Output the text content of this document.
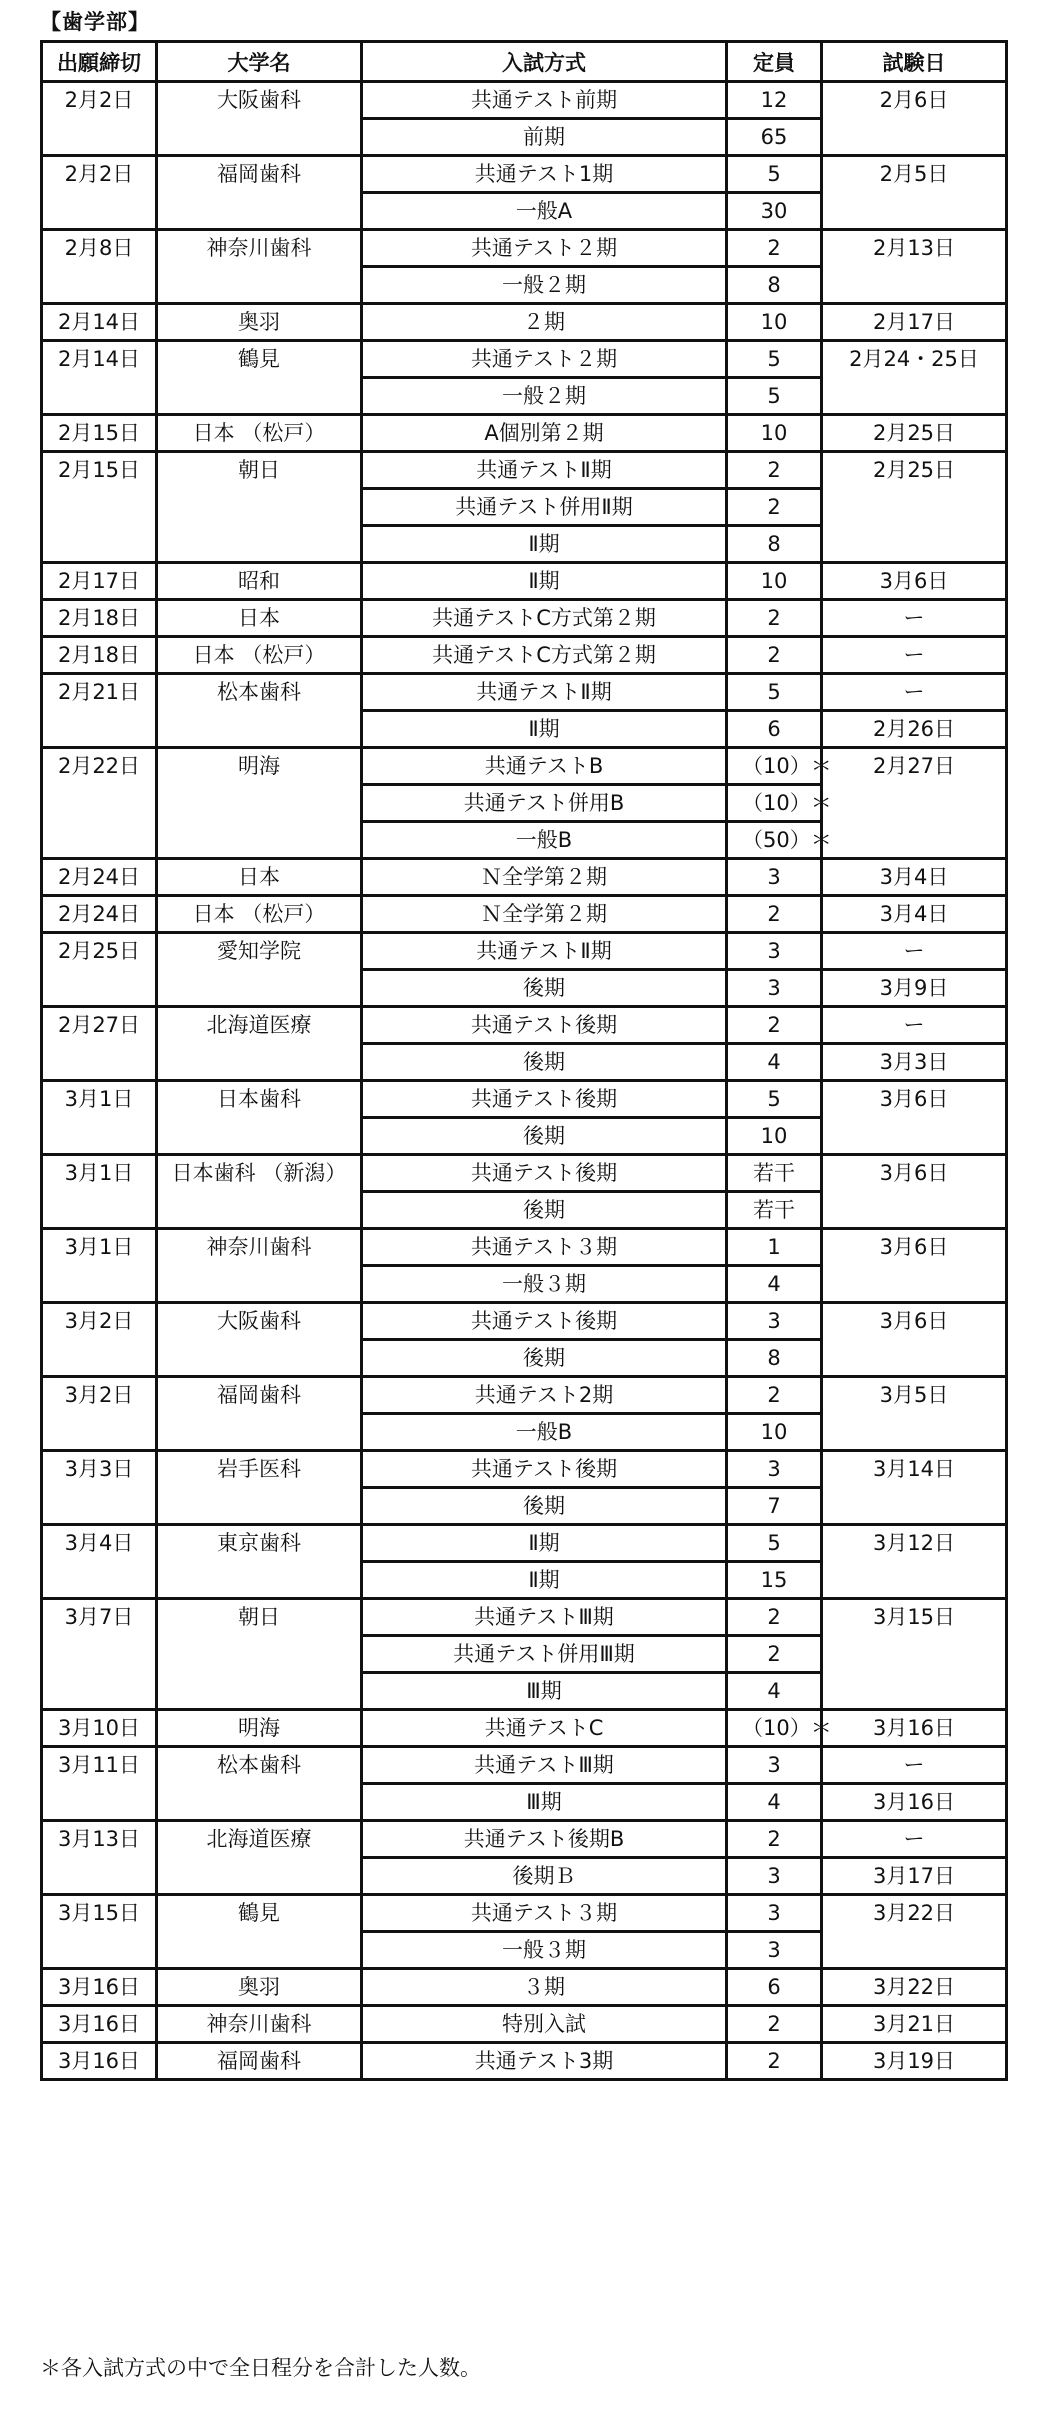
【歯学部】
出願締切	大学名	入試方式	定員	試験日
2月2日	大阪歯科	共通テスト前期	12	2月6日
		前期	65	
2月2日	福岡歯科	共通テスト1期	5	2月5日
		一般A	30	
2月8日	神奈川歯科	共通テスト２期	2	2月13日
		一般２期	8	
2月14日	奥羽	２期	10	2月17日
2月14日	鶴見	共通テスト２期	5	2月24・25日
		一般２期	5	
2月15日	日本 （松戸）	A個別第２期	10	2月25日
2月15日	朝日	共通テストⅡ期	2	2月25日
		共通テスト併用Ⅱ期	2	
		Ⅱ期	8	
2月17日	昭和	Ⅱ期	10	3月6日
2月18日	日本	共通テストC方式第２期	2	ー
2月18日	日本 （松戸）	共通テストC方式第２期	2	ー
2月21日	松本歯科	共通テストⅡ期	5	ー
		Ⅱ期	6	2月26日
2月22日	明海	共通テストB	（10）＊	2月27日
		共通テスト併用B	（10）＊	
		一般B	（50）＊	
2月24日	日本	Ｎ全学第２期	3	3月4日
2月24日	日本 （松戸）	Ｎ全学第２期	2	3月4日
2月25日	愛知学院	共通テストⅡ期	3	ー
		後期	3	3月9日
2月27日	北海道医療	共通テスト後期	2	ー
		後期	4	3月3日
3月1日	日本歯科	共通テスト後期	5	3月6日
		後期	10	
3月1日	日本歯科 （新潟）	共通テスト後期	若干	3月6日
		後期	若干	
3月1日	神奈川歯科	共通テスト３期	1	3月6日
		一般３期	4	
3月2日	大阪歯科	共通テスト後期	3	3月6日
		後期	8	
3月2日	福岡歯科	共通テスト2期	2	3月5日
		一般B	10	
3月3日	岩手医科	共通テスト後期	3	3月14日
		後期	7	
3月4日	東京歯科	Ⅱ期	5	3月12日
		Ⅱ期	15	
3月7日	朝日	共通テストⅢ期	2	3月15日
		共通テスト併用Ⅲ期	2	
		Ⅲ期	4	
3月10日	明海	共通テストC	（10）＊	3月16日
3月11日	松本歯科	共通テストⅢ期	3	ー
		Ⅲ期	4	3月16日
3月13日	北海道医療	共通テスト後期B	2	ー
		後期Ｂ	3	3月17日
3月15日	鶴見	共通テスト３期	3	3月22日
		一般３期	3	
3月16日	奥羽	３期	6	3月22日
3月16日	神奈川歯科	特別入試	2	3月21日
3月16日	福岡歯科	共通テスト3期	2	3月19日
＊各入試方式の中で全日程分を合計した人数。
